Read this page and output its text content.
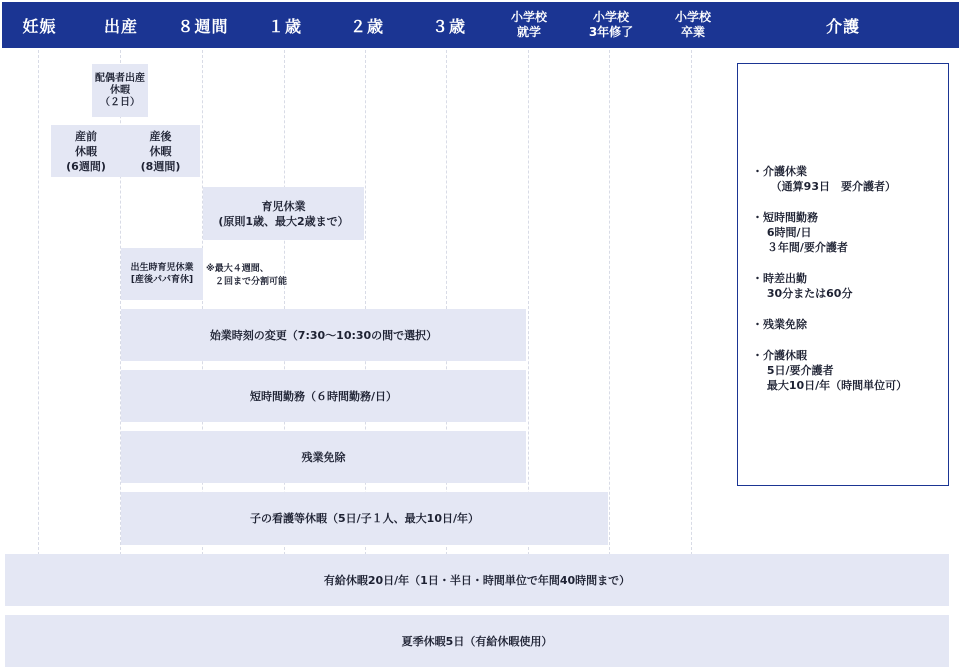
妊娠	出産	８週間	１歳	２歳	３歳	小学校
就学
小学校
3年修了
小学校
卒業	介護
配偶者出産
休暇
（２日）
産前
休暇
(6週間)
産後
休暇
(8週間)
育児休業
(原則1歳、最大2歳まで）
出生時育児休業
[産後パパ育休]
※最大４週間、
　２回まで分割可能
始業時刻の変更（7:30〜10:30の間で選択）
短時間勤務（６時間勤務/日）
残業免除
子の看護等休暇（5日/子１人、最大10日/年）
有給休暇20日/年（1日・半日・時間単位で年間40時間まで）
夏季休暇5日（有給休暇使用）
・介護休業
　  （通算93日　要介護者）
・短時間勤務
　 6時間/日
　 ３年間/要介護者
・時差出勤
　 30分または60分
・残業免除
・介護休暇
　 5日/要介護者
　 最大10日/年（時間単位可）
